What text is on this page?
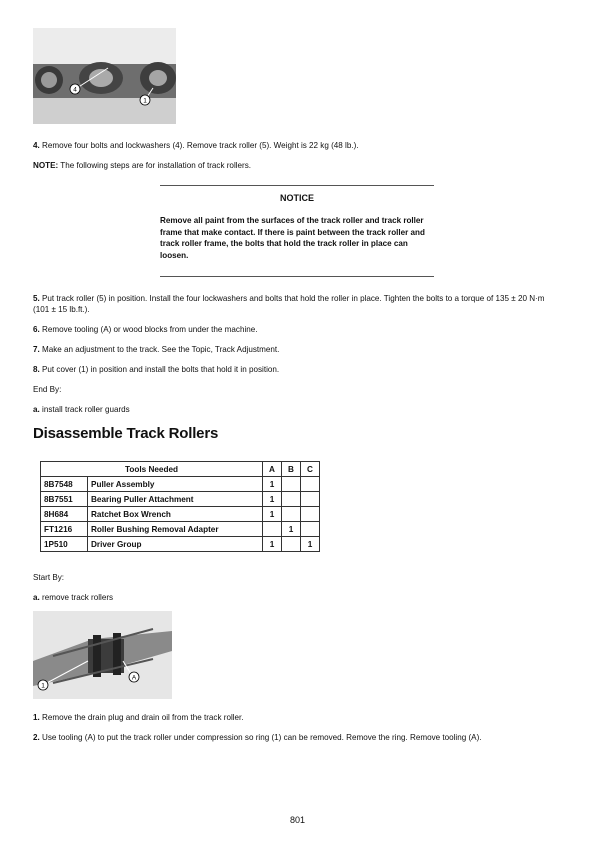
4
1

4. Remove four bolts and lockwashers (4). Remove track roller (5). Weight is 22 kg (48 lb.).

NOTE: The following steps are for installation of track rollers.

NOTICE
Remove all paint from the surfaces of the track roller and track roller frame that make contact. If there is paint between the track roller and track roller frame, the bolts that hold the track roller in place can loosen.

5. Put track roller (5) in position. Install the four lockwashers and bolts that hold the roller in place. Tighten the bolts to a torque of 135 ± 20 N·m (101 ± 15 lb.ft.).

6. Remove tooling (A) or wood blocks from under the machine.

7. Make an adjustment to the track. See the Topic, Track Adjustment.

8. Put cover (1) in position and install the bolts that hold it in position.

End By:

a. install track roller guards

Disassemble Track Rollers
Tools Needed		A	B	C
8B7548	Puller Assembly	1		
8B7551	Bearing Puller Attachment	1		
8H684	Ratchet Box Wrench	1		
FT1216	Roller Bushing Removal Adapter		1	
1P510	Driver Group	1		1

Start By:

a. remove track rollers

1
A

1. Remove the drain plug and drain oil from the track roller.

2. Use tooling (A) to put the track roller under compression so ring (1) can be removed. Remove the ring. Remove tooling (A).

801
